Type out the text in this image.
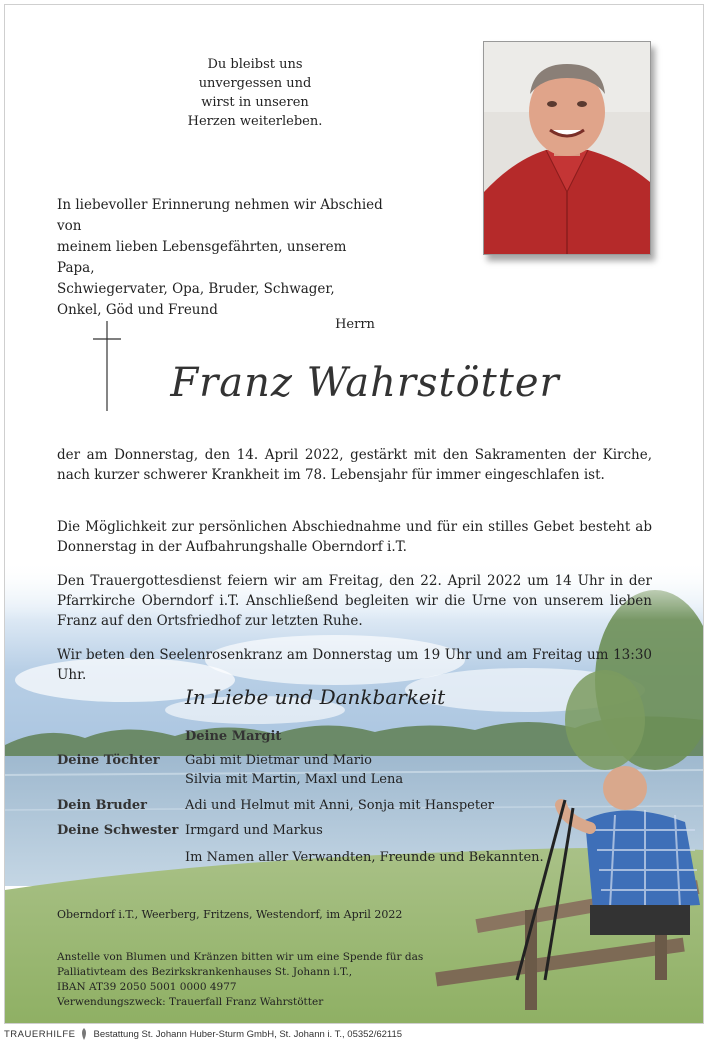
Du bleibst uns
unvergessen und
wirst in unseren
Herzen weiterleben.
In liebevoller Erinnerung nehmen wir Abschied von
meinem lieben Lebensgefährten, unserem Papa,
Schwiegervater, Opa, Bruder, Schwager,
Onkel, Göd und Freund
Herrn
Franz Wahrstötter
der am Donnerstag, den 14. April 2022, gestärkt mit den Sakramenten der Kirche, nach kurzer schwerer Krankheit im 78. Lebensjahr für immer eingeschlafen ist.
Die Möglichkeit zur persönlichen Abschiednahme und für ein stilles Gebet besteht ab Donnerstag in der Aufbahrungshalle Oberndorf i.T.
Den Trauergottesdienst feiern wir am Freitag, den 22. April 2022 um 14 Uhr in der Pfarrkirche Oberndorf i.T. Anschließend begleiten wir die Urne von unserem lieben Franz auf den Ortsfriedhof zur letzten Ruhe.
Wir beten den Seelenrosenkranz am Donnerstag um 19 Uhr und am Freitag um 13:30 Uhr.
In Liebe und Dankbarkeit
Deine Margit
Deine Töchter	Gabi mit Dietmar und Mario
Silvia mit Martin, Maxl und Lena
Dein Bruder	Adi und Helmut mit Anni, Sonja mit Hanspeter
Deine Schwester Irmgard und Markus
Im Namen aller Verwandten, Freunde und Bekannten.
Oberndorf i.T., Weerberg, Fritzens, Westendorf, im April 2022
Anstelle von Blumen und Kränzen bitten wir um eine Spende für das
Palliativteam des Bezirkskrankenhauses St. Johann i.T.,
IBAN AT39 2050 5001 0000 4977
Verwendungszweck: Trauerfall Franz Wahrstötter
TRAUERHILFE Bestattung St. Johann Huber-Sturm GmbH, St. Johann i. T., 05352/62115
